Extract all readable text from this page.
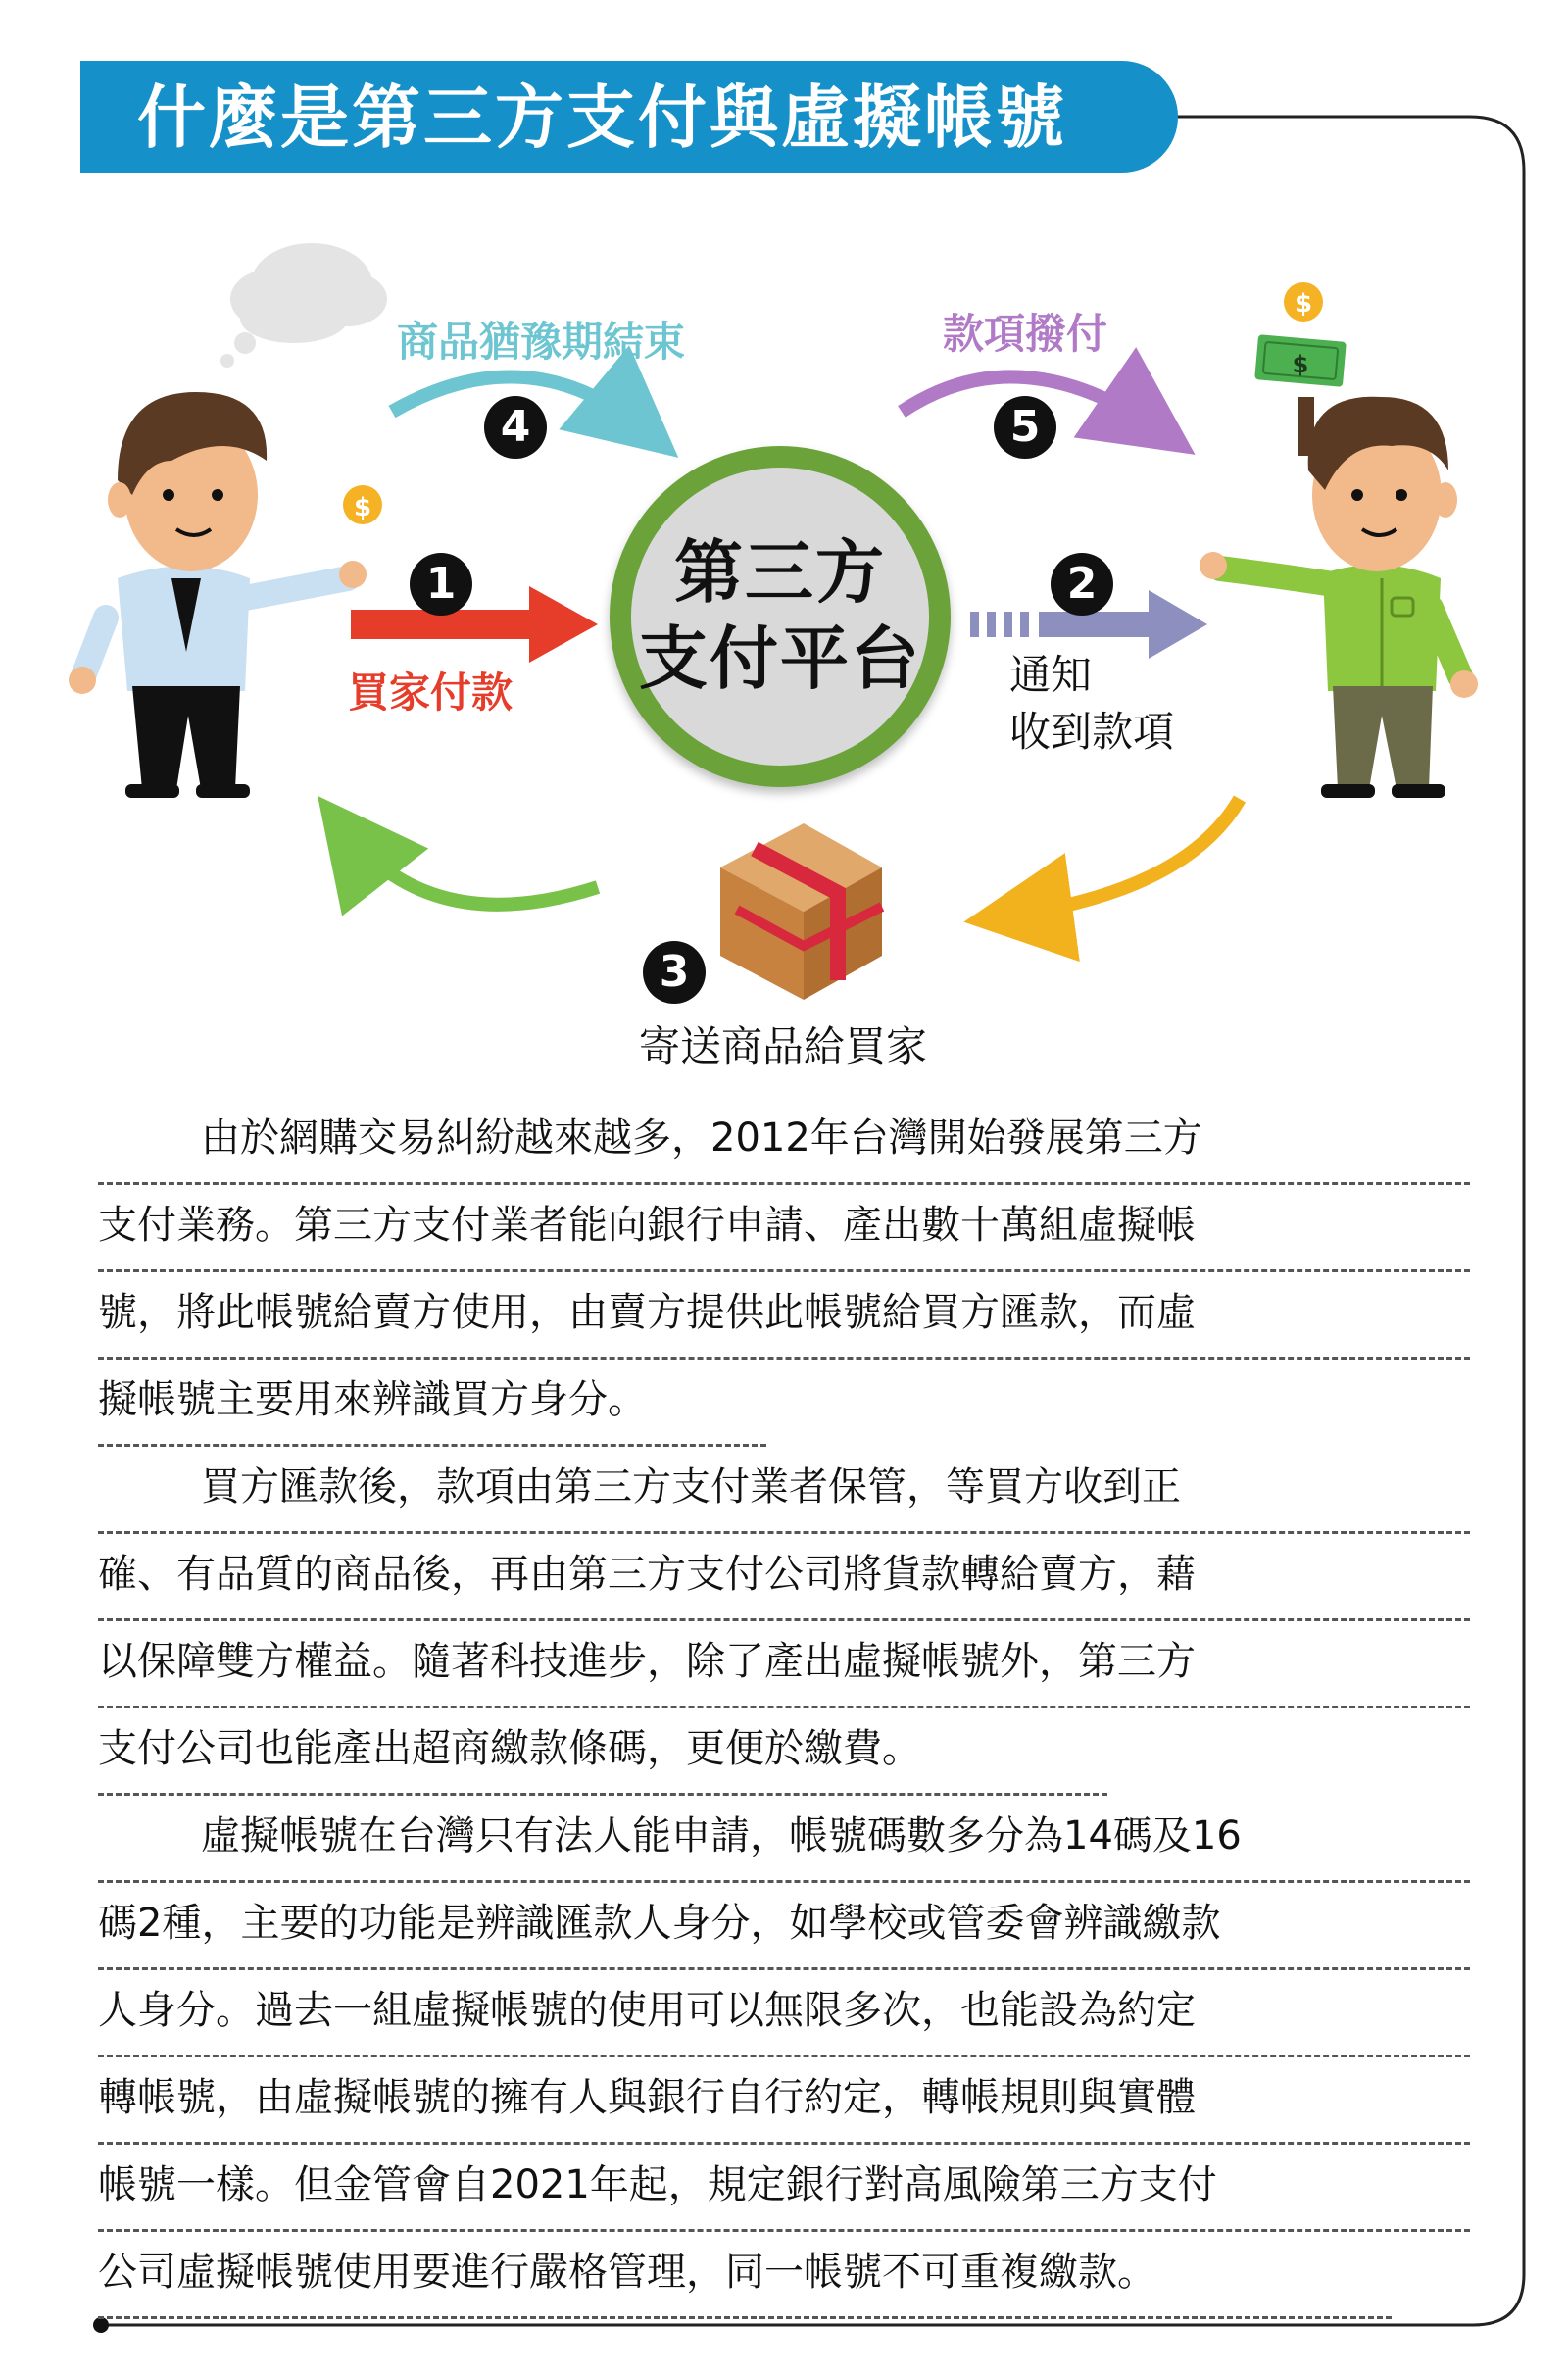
什麼是第三方支付與虛擬帳號
$
$
$
第三方
支付平台
1	2
3
4	5
買家付款	通知
收到款項
寄送商品給買家
商品猶豫期結束	款項撥付
由於網購交易糾紛越來越多，2012年台灣開始發展第三方
支付業務。第三方支付業者能向銀行申請、產出數十萬組虛擬帳
號，將此帳號給賣方使用，由賣方提供此帳號給買方匯款，而虛
擬帳號主要用來辨識買方身分。
買方匯款後，款項由第三方支付業者保管，等買方收到正
確、有品質的商品後，再由第三方支付公司將貨款轉給賣方，藉
以保障雙方權益。隨著科技進步，除了產出虛擬帳號外，第三方
支付公司也能產出超商繳款條碼，更便於繳費。
虛擬帳號在台灣只有法人能申請，帳號碼數多分為14碼及16
碼2種，主要的功能是辨識匯款人身分，如學校或管委會辨識繳款
人身分。過去一組虛擬帳號的使用可以無限多次，也能設為約定
轉帳號，由虛擬帳號的擁有人與銀行自行約定，轉帳規則與實體
帳號一樣。但金管會自2021年起，規定銀行對高風險第三方支付
公司虛擬帳號使用要進行嚴格管理，同一帳號不可重複繳款。
